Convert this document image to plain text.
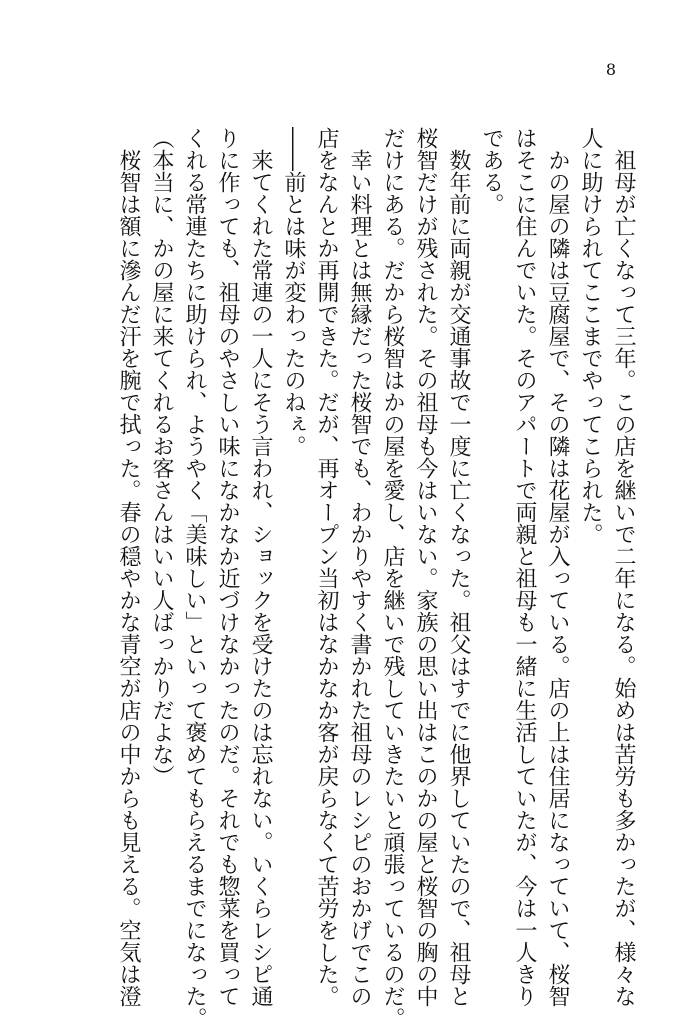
8
祖母が亡くなって三年。この店を継いで二年になる。始めは苦労も多かったが、様々な
人に助けられてここまでやってこられた。
かの屋の隣は豆腐屋で、その隣は花屋が入っている。店の上は住居になっていて、桜智
はそこに住んでいた。そのアパートで両親と祖母も一緒に生活していたが、今は一人きり
である。
数年前に両親が交通事故で一度に亡くなった。祖父はすでに他界していたので、祖母と
桜智だけが残された。その祖母も今はいない。家族の思い出はこのかの屋と桜智の胸の中
だけにある。だから桜智はかの屋を愛し、店を継いで残していきたいと頑張っているのだ。
幸い料理とは無縁だった桜智でも、わかりやすく書かれた祖母のレシピのおかげでこの
店をなんとか再開できた。だが、再オープン当初はなかなか客が戻らなくて苦労をした。
――前とは味が変わったのねぇ。
来てくれた常連の一人にそう言われ、ショックを受けたのは忘れない。いくらレシピ通
りに作っても、祖母のやさしい味になかなか近づけなかったのだ。それでも惣菜を買って
くれる常連たちに助けられ、ようやく「美味しい」といって褒めてもらえるまでになった。
（本当に、かの屋に来てくれるお客さんはいい人ばっかりだよな）
桜智は額に滲んだ汗を腕で拭った。春の穏やかな青空が店の中からも見える。空気は澄
